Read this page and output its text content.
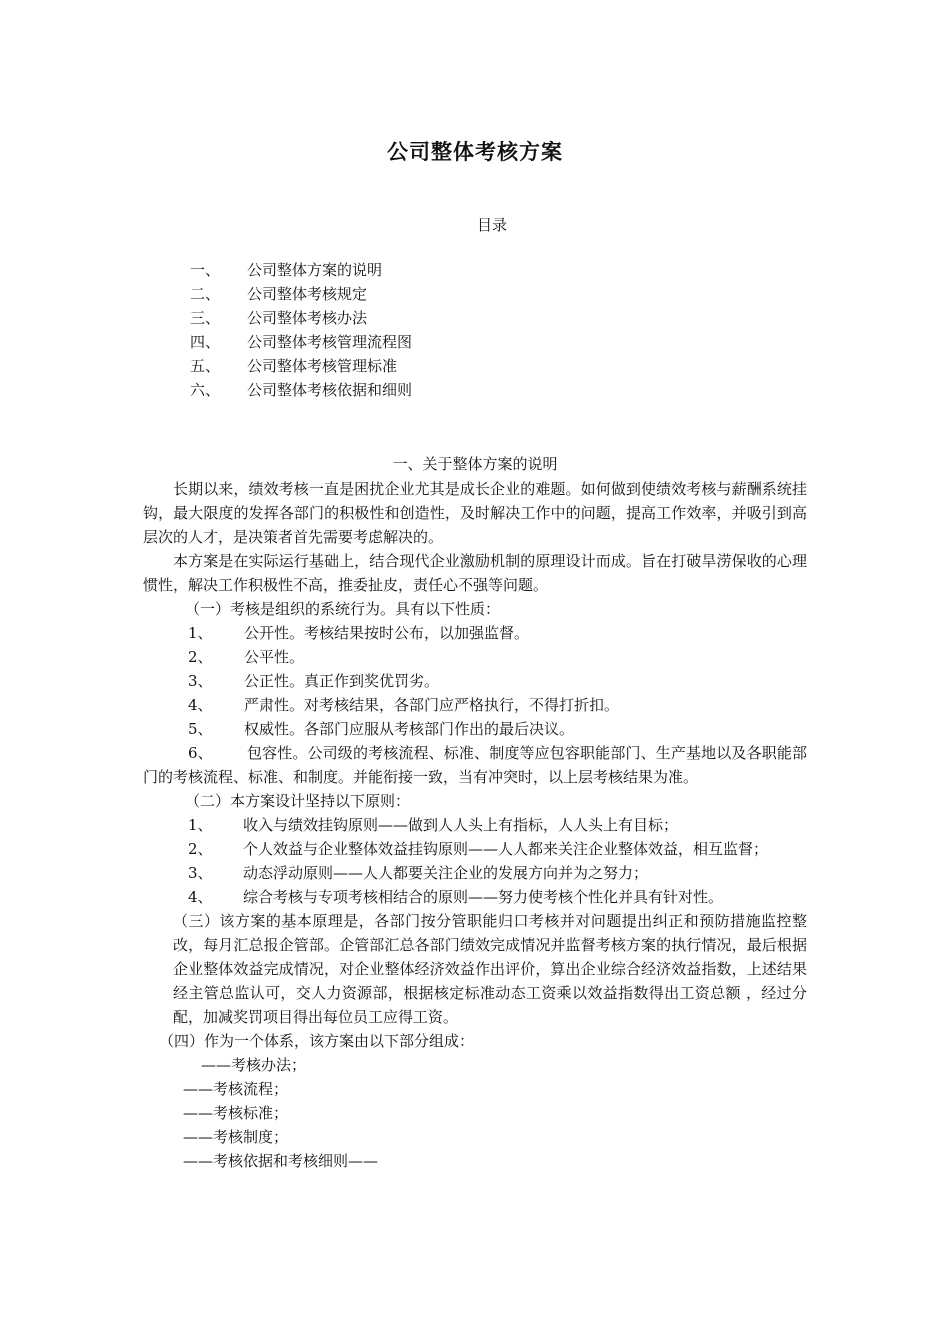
公司整体考核方案
目录
一、	公司整体方案的说明
二、	公司整体考核规定
三、	公司整体考核办法
四、	公司整体考核管理流程图
五、	公司整体考核管理标准
六、	公司整体考核依据和细则
一、关于整体方案的说明

长期以来，绩效考核一直是困扰企业尤其是成长企业的难题。如何做到使绩效考核与薪酬系统挂钩，最大限度的发挥各部门的积极性和创造性，及时解决工作中的问题，提高工作效率，并吸引到高层次的人才，是决策者首先需要考虑解决的。

本方案是在实际运行基础上，结合现代企业激励机制的原理设计而成。旨在打破旱涝保收的心理惯性，解决工作积极性不高，推委扯皮，责任心不强等问题。

（一）考核是组织的系统行为。具有以下性质：

1、 公开性。考核结果按时公布，以加强监督。
2、 公平性。
3、 公正性。真正作到奖优罚劣。
4、 严肃性。对考核结果，各部门应严格执行，不得打折扣。
5、 权威性。各部门应服从考核部门作出的最后决议。

6、 包容性。公司级的考核流程、标准、制度等应包容职能部门、生产基地以及各职能部门的考核流程、标准、和制度。并能衔接一致，当有冲突时，以上层考核结果为准。

（二）本方案设计坚持以下原则：

1、 收入与绩效挂钩原则——做到人人头上有指标，人人头上有目标；
2、 个人效益与企业整体效益挂钩原则——人人都来关注企业整体效益，相互监督；
3、 动态浮动原则——人人都要关注企业的发展方向并为之努力；
4、 综合考核与专项考核相结合的原则——努力使考核个性化并具有针对性。

（三）该方案的基本原理是，各部门按分管职能归口考核并对问题提出纠正和预防措施监控整改，每月汇总报企管部。企管部汇总各部门绩效完成情况并监督考核方案的执行情况，最后根据企业整体效益完成情况，对企业整体经济效益作出评价，算出企业综合经济效益指数，上述结果经主管总监认可，交人力资源部，根据核定标准动态工资乘以效益指数得出工资总额 ，经过分配，加减奖罚项目得出每位员工应得工资。

（四）作为一个体系，该方案由以下部分组成：

——考核办法；

——考核流程；

——考核标准；

——考核制度；

——考核依据和考核细则——
